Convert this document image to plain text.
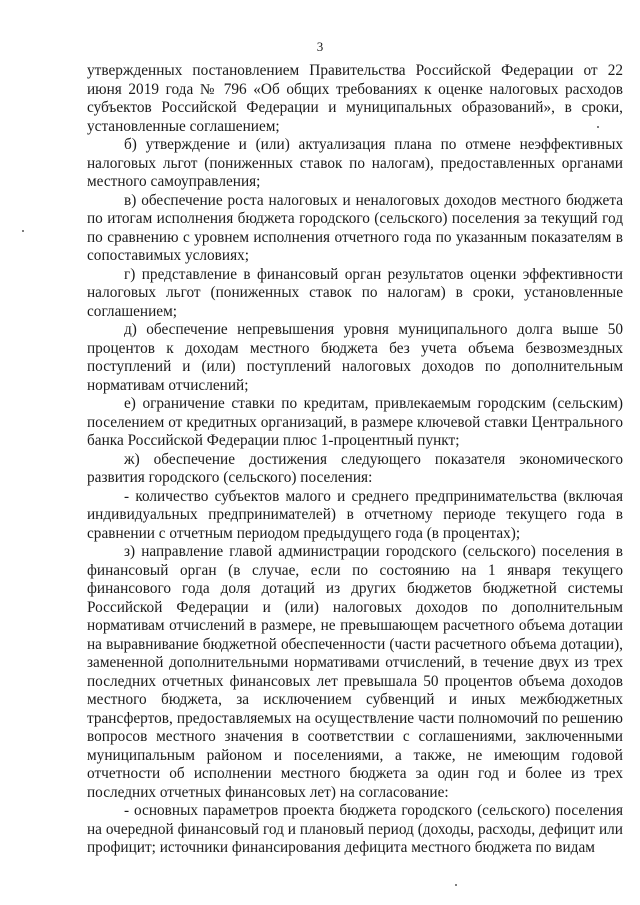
3

утвержденных постановлением Правительства Российской Федерации от 22 июня 2019 года № 796 «Об общих требованиях к оценке налоговых расходов субъектов Российской Федерации и муниципальных образований», в сроки, установленные соглашением;

б) утверждение и (или) актуализация плана по отмене неэффективных налоговых льгот (пониженных ставок по налогам), предоставленных органами местного самоуправления;

в) обеспечение роста налоговых и неналоговых доходов местного бюджета по итогам исполнения бюджета городского (сельского) поселения за текущий год по сравнению с уровнем исполнения отчетного года по указанным показателям в сопоставимых условиях;

г) представление в финансовый орган результатов оценки эффективности налоговых льгот (пониженных ставок по налогам) в сроки, установленные соглашением;

д) обеспечение непревышения уровня муниципального долга выше 50 процентов к доходам местного бюджета без учета объема безвозмездных поступлений и (или) поступлений налоговых доходов по дополнительным нормативам отчислений;

е) ограничение ставки по кредитам, привлекаемым городским (сельским) поселением от кредитных организаций, в размере ключевой ставки Центрального банка Российской Федерации плюс 1-процентный пункт;

ж) обеспечение достижения следующего показателя экономического развития городского (сельского) поселения:

- количество субъектов малого и среднего предпринимательства (включая индивидуальных предпринимателей) в отчетному периоде текущего года в сравнении с отчетным периодом предыдущего года (в процентах);

з) направление главой администрации городского (сельского) поселения в финансовый орган (в случае, если по состоянию на 1 января текущего финансового года доля дотаций из других бюджетов бюджетной системы Российской Федерации и (или) налоговых доходов по дополнительным нормативам отчислений в размере, не превышающем расчетного объема дотации на выравнивание бюджетной обеспеченности (части расчетного объема дотации), замененной дополнительными нормативами отчислений, в течение двух из трех последних отчетных финансовых лет превышала 50 процентов объема доходов местного бюджета, за исключением субвенций и иных межбюджетных трансфертов, предоставляемых на осуществление части полномочий по решению вопросов местного значения в соответствии с соглашениями, заключенными муниципальным районом и поселениями, а также, не имеющим годовой отчетности об исполнении местного бюджета за один год и более из трех последних отчетных финансовых лет) на согласование:

- основных параметров проекта бюджета городского (сельского) поселения на очередной финансовый год и плановый период (доходы, расходы, дефицит или профицит; источники финансирования дефицита местного бюджета по видам
